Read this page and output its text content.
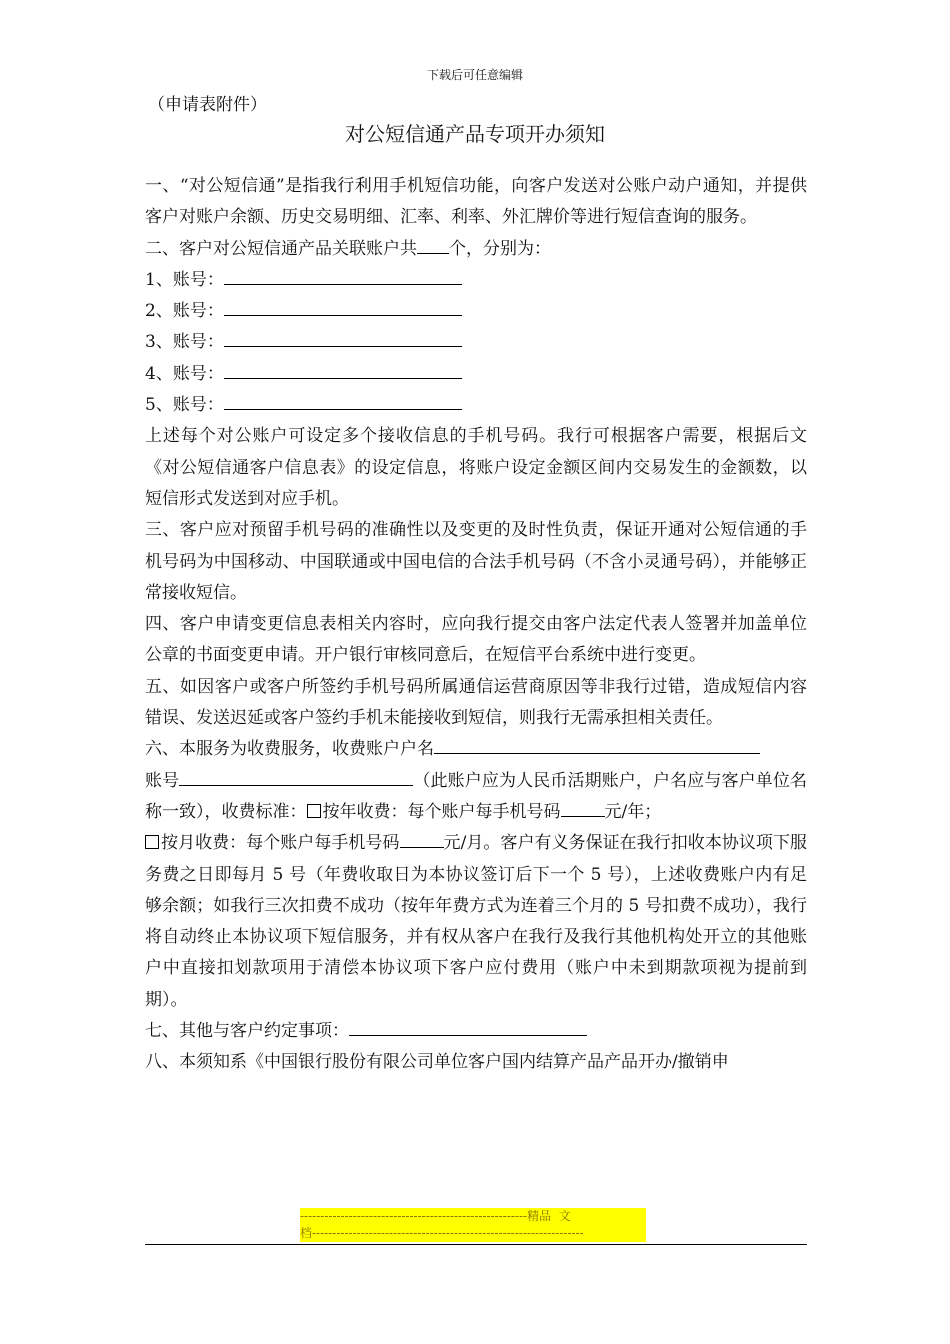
下载后可任意编辑
（申请表附件）
对公短信通产品专项开办须知

一、“对公短信通”是指我行利用手机短信功能，向客户发送对公账户动户通知，并提供客户对账户余额、历史交易明细、汇率、利率、外汇牌价等进行短信查询的服务。

二、客户对公短信通产品关联账户共 个，分别为：

1、账号：
2、账号：
3、账号：
4、账号：
5、账号：

上述每个对公账户可设定多个接收信息的手机号码。我行可根据客户需要，根据后文《对公短信通客户信息表》的设定信息，将账户设定金额区间内交易发生的金额数，以短信形式发送到对应手机。

三、客户应对预留手机号码的准确性以及变更的及时性负责，保证开通对公短信通的手机号码为中国移动、中国联通或中国电信的合法手机号码（不含小灵通号码），并能够正常接收短信。

四、客户申请变更信息表相关内容时，应向我行提交由客户法定代表人签署并加盖单位公章的书面变更申请。开户银行审核同意后，在短信平台系统中进行变更。

五、如因客户或客户所签约手机号码所属通信运营商原因等非我行过错，造成短信内容错误、发送迟延或客户签约手机未能接收到短信，则我行无需承担相关责任。

六、本服务为收费服务，收费账户户名
账号	（此账户应为人民币活期账户，户名应与客户单位名称一致），收费标准： 按年收费：每个账户每手机号码	元/年；
按月收费：每个账户每手机号码	元/月。客户有义务保证在我行扣收本协议项下服务费之日即每月 5 号（年费收取日为本协议签订后下一个 5 号），上述收费账户内有足够余额；如我行三次扣费不成功（按年年费方式为连着三个月的 5 号扣费不成功），我行将自动终止本协议项下短信服务，并有权从客户在我行及我行其他机构处开立的其他账户中直接扣划款项用于清偿本协议项下客户应付费用（账户中未到期款项视为提前到期）。

七、其他与客户约定事项：

八、本须知系《中国银行股份有限公司单位客户国内结算产品产品开办/撤销申

--------------------------------------------------------精品  文
档-------------------------------------------------------------------
